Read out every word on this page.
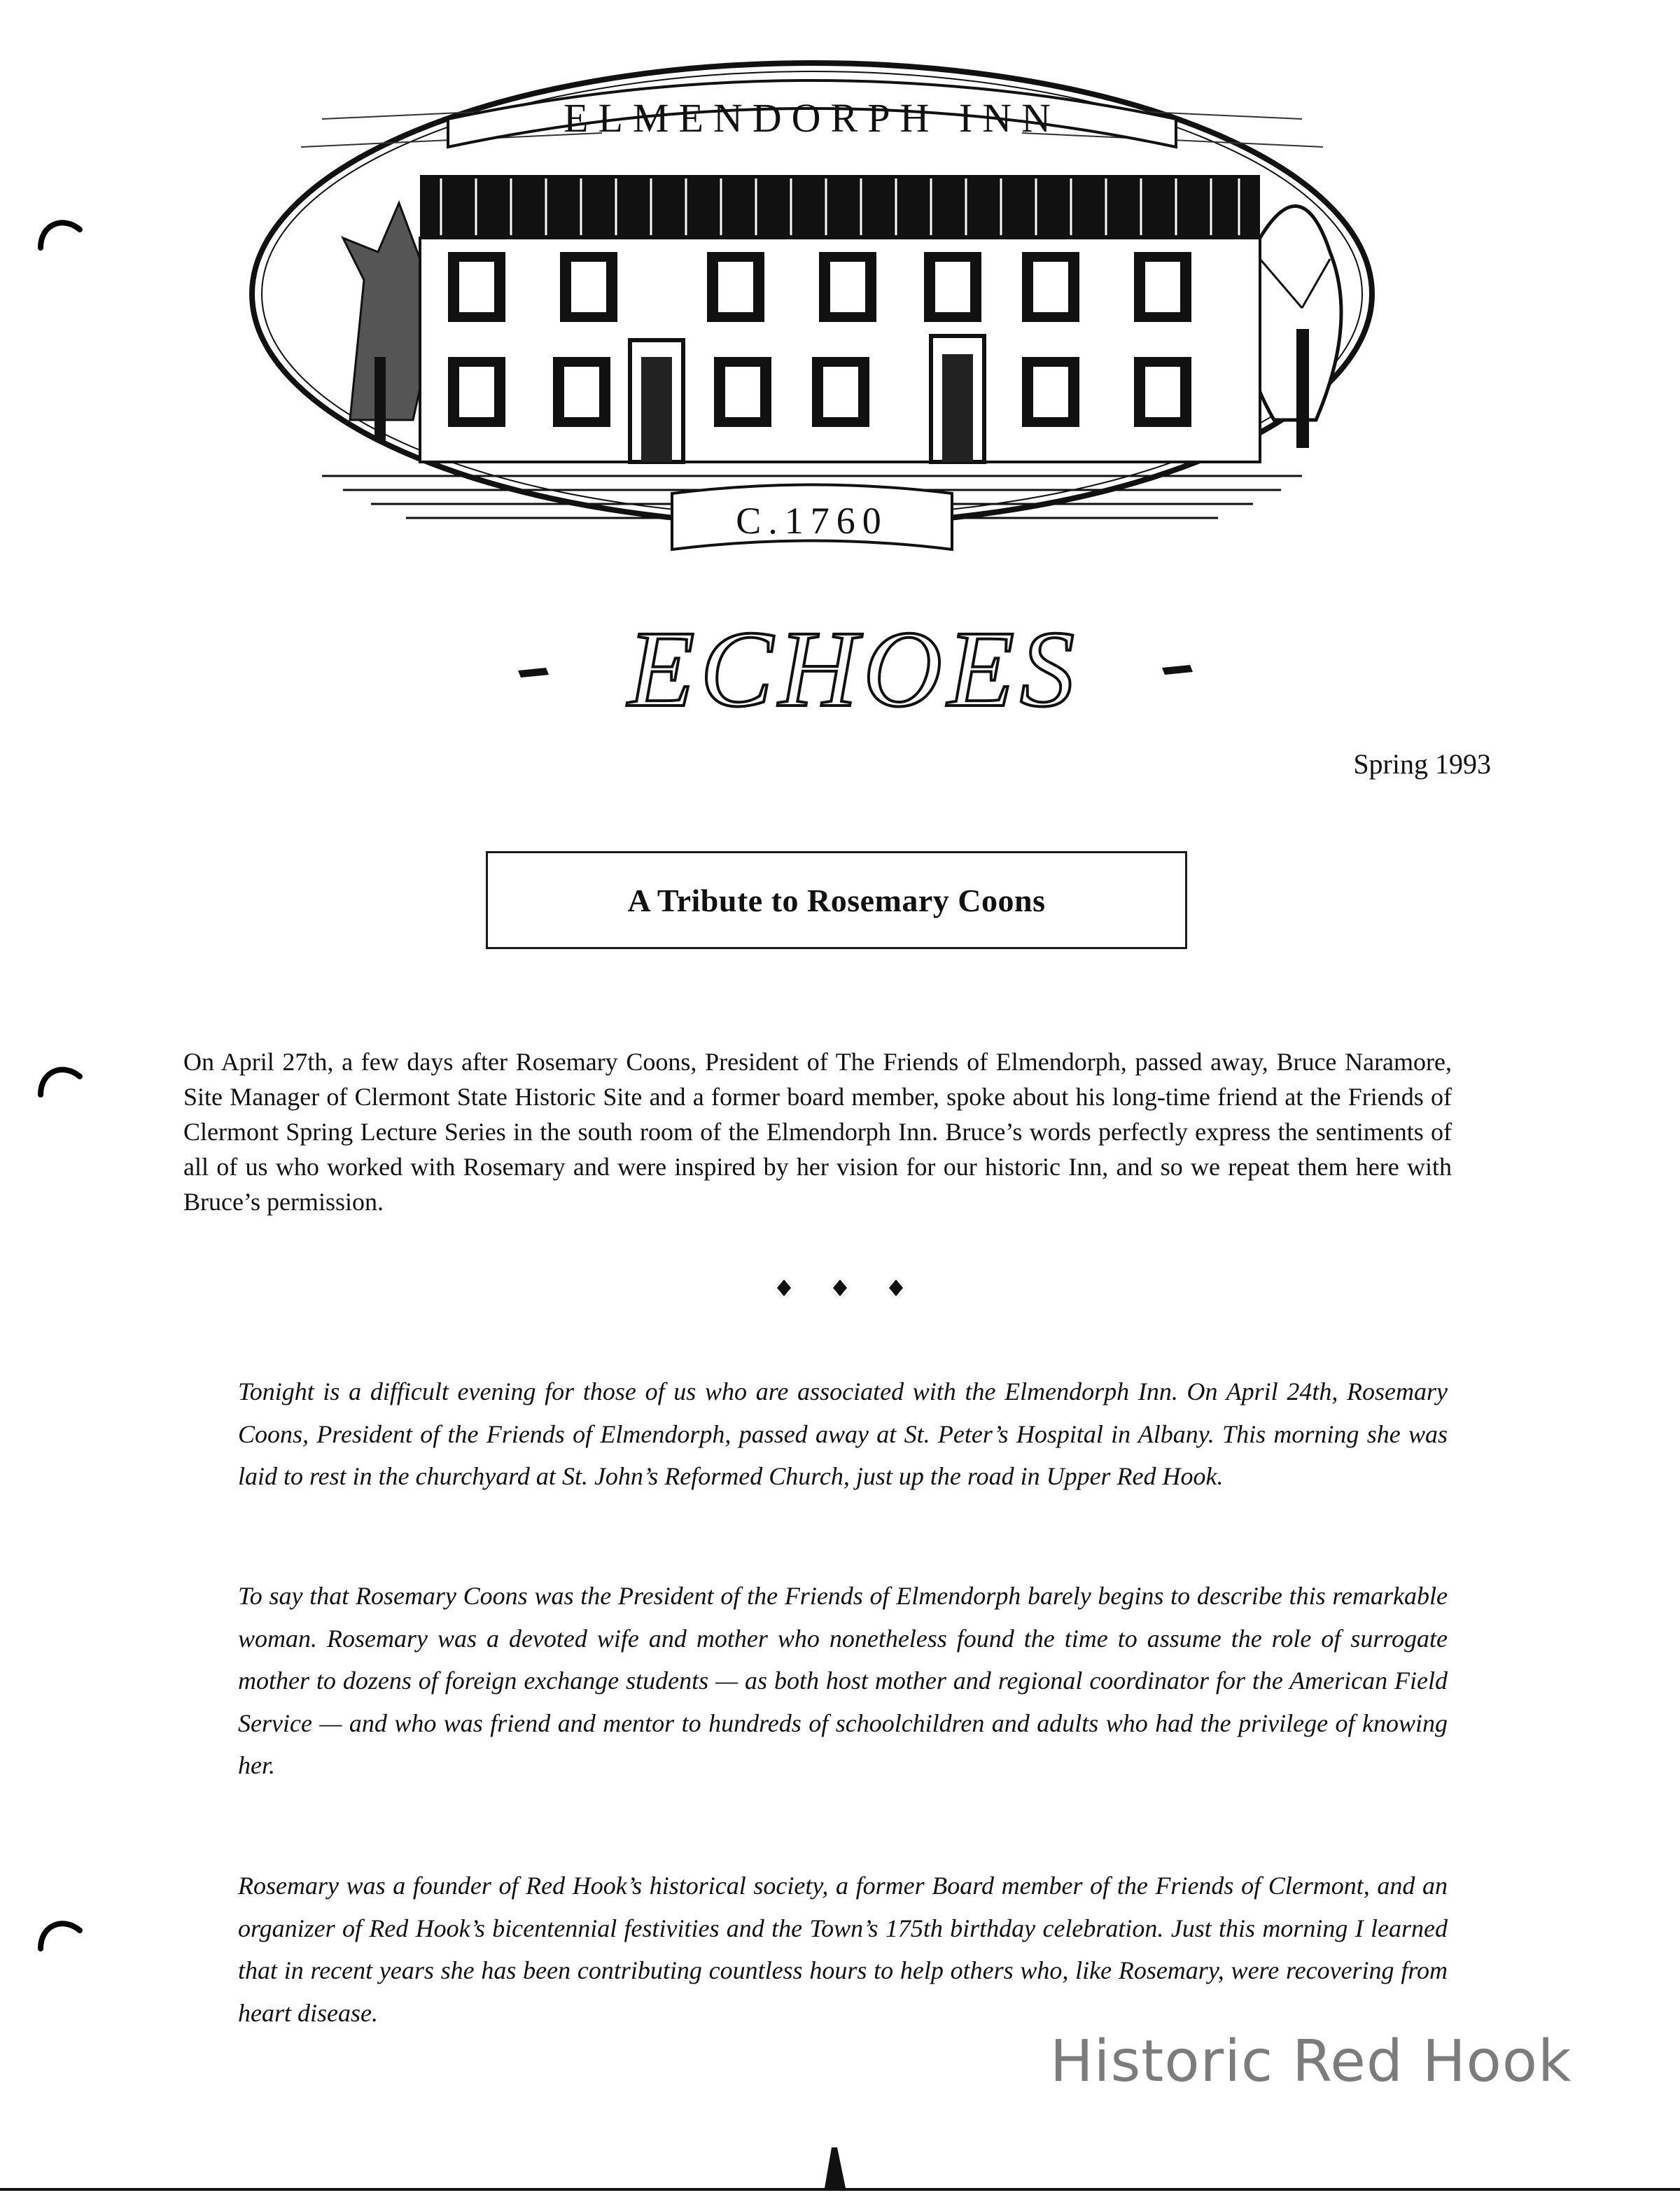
ELMENDORPH INN
C.1760
ECHOES
Spring 1993
A Tribute to Rosemary Coons

On April 27th, a few days after Rosemary Coons, President of The Friends of Elmendorph, passed away, Bruce Naramore, Site Manager of Clermont State Historic Site and a former board member, spoke about his long-time friend at the Friends of Clermont Spring Lecture Series in the south room of the Elmendorph Inn. Bruce’s words perfectly express the sentiments of all of us who worked with Rosemary and were inspired by her vision for our historic Inn, and so we repeat them here with Bruce’s permission.

Tonight is a difficult evening for those of us who are associated with the Elmendorph Inn. On April 24th, Rosemary Coons, President of the Friends of Elmendorph, passed away at St. Peter’s Hospital in Albany. This morning she was laid to rest in the churchyard at St. John’s Reformed Church, just up the road in Upper Red Hook.

To say that Rosemary Coons was the President of the Friends of Elmendorph barely begins to describe this remarkable woman. Rosemary was a devoted wife and mother who nonetheless found the time to assume the role of surrogate mother to dozens of foreign exchange students — as both host mother and regional coordinator for the American Field Service — and who was friend and mentor to hundreds of schoolchildren and adults who had the privilege of knowing her.

Rosemary was a founder of Red Hook’s historical society, a former Board member of the Friends of Clermont, and an organizer of Red Hook’s bicentennial festivities and the Town’s 175th birthday celebration. Just this morning I learned that in recent years she has been contributing countless hours to help others who, like Rosemary, were recovering from heart disease.

Historic Red Hook
